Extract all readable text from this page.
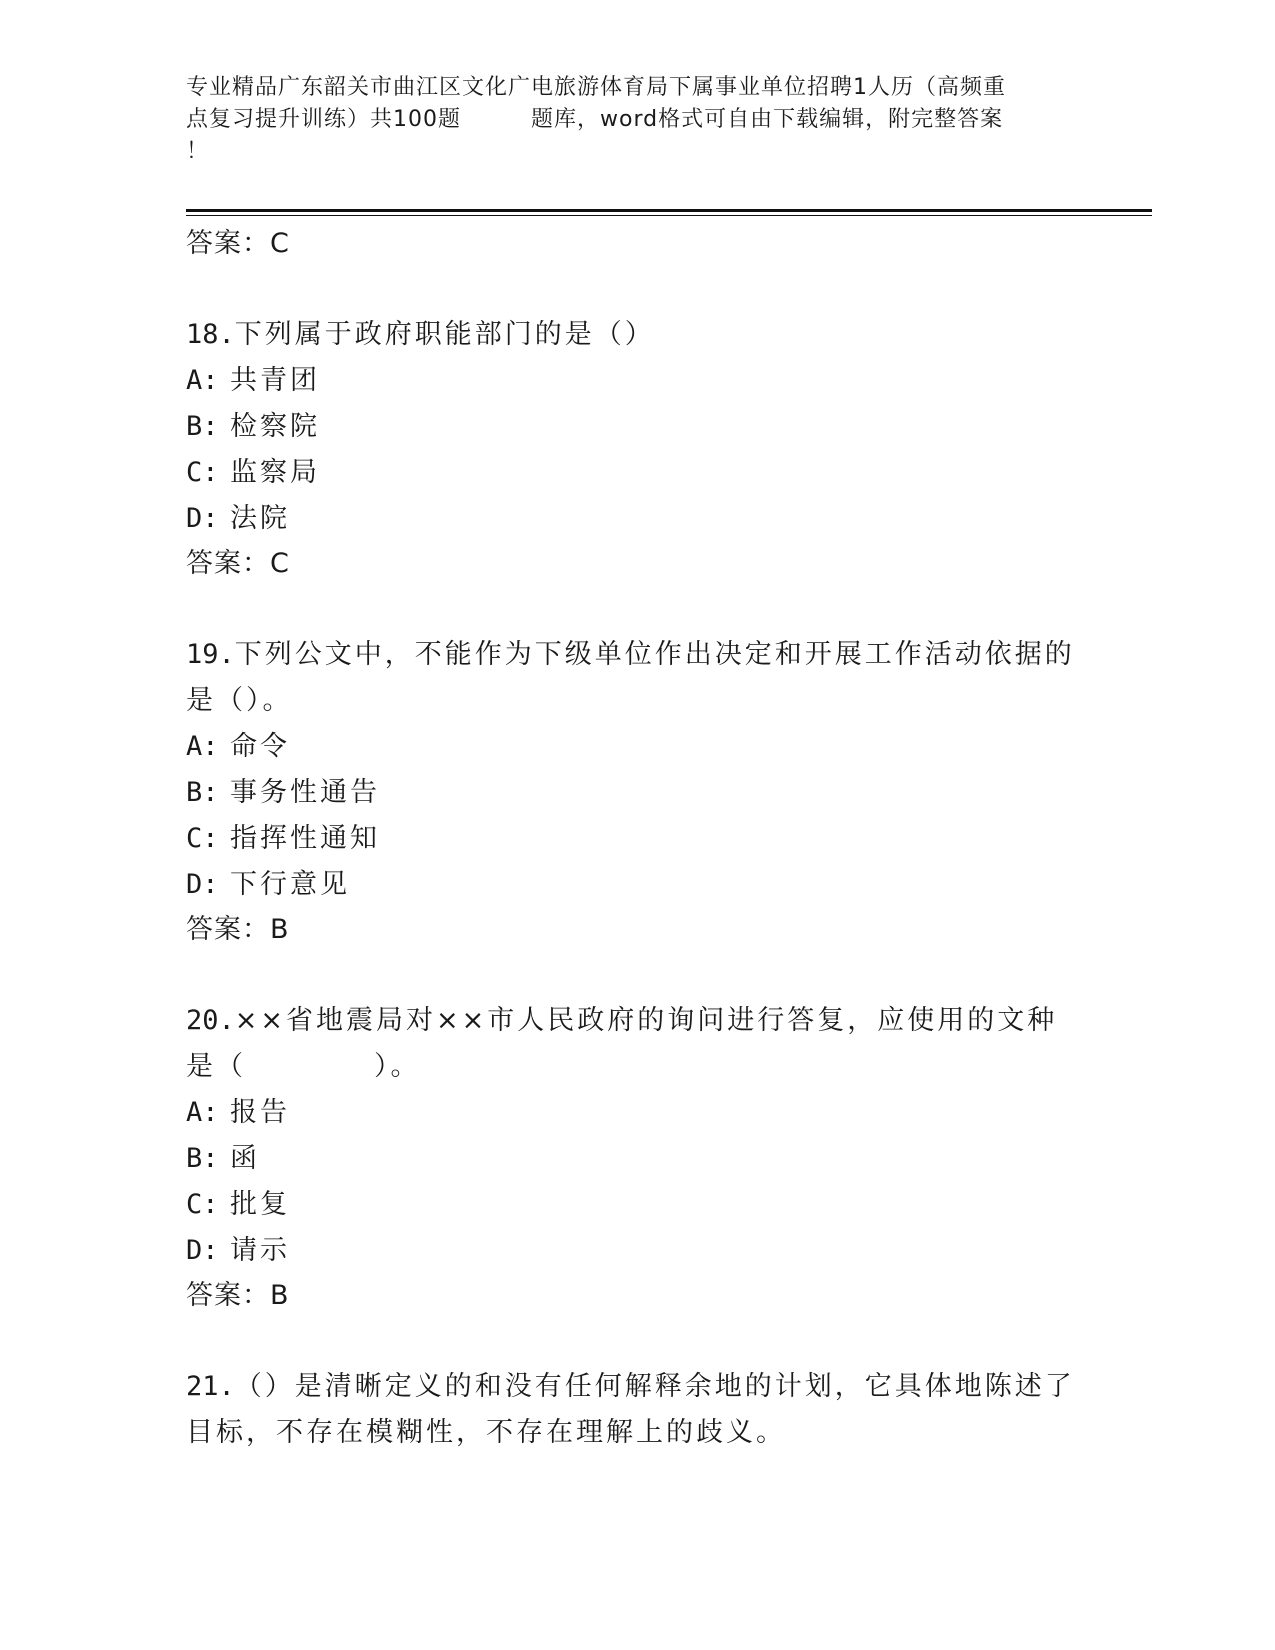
专业精品广东韶关市曲江区文化广电旅游体育局下属事业单位招聘1人历（高频重
点复习提升训练）共100题	题库，word格式可自由下载编辑，附完整答案
！
答案：C
18.下列属于政府职能部门的是（）
A: 共青团
B: 检察院
C: 监察局
D: 法院
答案：C
19.下列公文中，不能作为下级单位作出决定和开展工作活动依据的是（）。
A: 命令
B: 事务性通告
C: 指挥性通知
D: 下行意见
答案：B
20.××省地震局对××市人民政府的询问进行答复，应使用的文种是（	）。
A: 报告
B: 函
C: 批复
D: 请示
答案：B
21.（）是清晰定义的和没有任何解释余地的计划，它具体地陈述了目标，不存在模糊性，不存在理解上的歧义。
